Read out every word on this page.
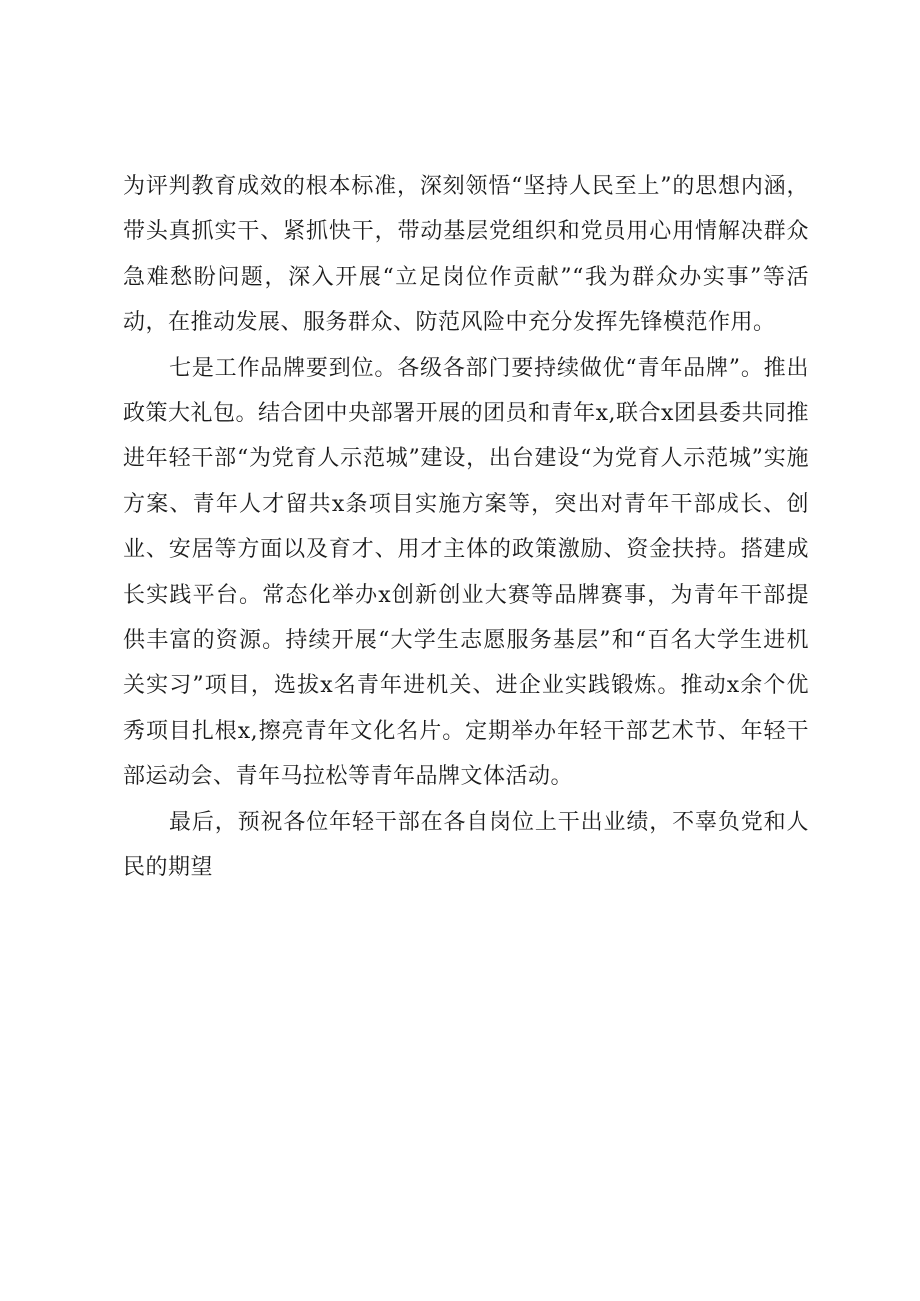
为评判教育成效的根本标准，深刻领悟“坚持人民至上”的思想内涵，带头真抓实干、紧抓快干，带动基层党组织和党员用心用情解决群众急难愁盼问题，深入开展“立足岗位作贡献”“我为群众办实事”等活动，在推动发展、服务群众、防范风险中充分发挥先锋模范作用。

七是工作品牌要到位。各级各部门要持续做优“青年品牌”。推出政策大礼包。结合团中央部署开展的团员和青年x,联合x团县委共同推进年轻干部“为党育人示范城”建设，出台建设“为党育人示范城”实施方案、青年人才留共x条项目实施方案等，突出对青年干部成长、创业、安居等方面以及育才、用才主体的政策激励、资金扶持。搭建成长实践平台。常态化举办x创新创业大赛等品牌赛事，为青年干部提供丰富的资源。持续开展“大学生志愿服务基层”和“百名大学生进机关实习”项目，选拔x名青年进机关、进企业实践锻炼。推动x余个优秀项目扎根x,擦亮青年文化名片。定期举办年轻干部艺术节、年轻干部运动会、青年马拉松等青年品牌文体活动。

最后，预祝各位年轻干部在各自岗位上干出业绩，不辜负党和人民的期望
